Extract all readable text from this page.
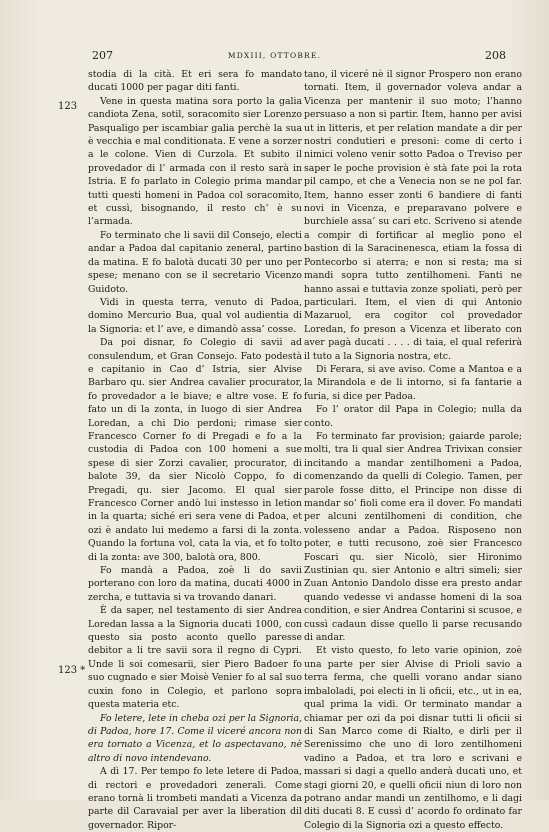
207	MDXIII, OTTOBRE.	208
123
123 *

stodia di la cità. Et eri sera fo mandato ducati 1000 per pagar diti fanti.

Vene in questa matina sora porto la galia candiota Zena, sotil, soracomito sier Lorenzo Pasqualigo per iscambiar galia perchè la sua è vecchia e mal conditionata. E vene a sorzer a le colone. Vien di Curzola. Et subito il provedador di l’ armada con il resto sarà in Istria. E fo parlato in Colegio prima mandar tutti questi homeni in Padoa col soracomito, et cussì, bisognando, il resto ch’ è su l’armada.

Fo terminato che li savii dil Consejo, electi andar a Padoa dal capitanio zeneral, partino da matina. E fo balotà ducati 30 per uno per spese; menano con se il secretario Vicenzo Guidoto.

Vidi in questa terra, venuto di Padoa, domino Mercurio Bua, qual vol audientia di la Signoria: et l’ ave, e dimandò assa’ cosse.

Da poi disnar, fo Colegio di savii ad consulendum, et Gran Consejo. Fato podestà e capitanio in Cao d’ Istria, sier Alvise Barbaro qu. sier Andrea cavalier procurator, fo provedador a le biave; e altre vose. E fo fato un di la zonta, in luogo di sier Andrea Loredan, a chi Dio perdoni; rimase sier Francesco Corner fo di Pregadi e fo a la custodia di Padoa con 100 homeni a sue spese di sier Zorzi cavalier, procurator, di balote 39, da sier Nicolò Coppo, fo di Pregadi, qu. sier Jacomo. El qual sier Francesco Corner andò lui instesso in letion in la quarta; siché eri sera vene di Padoa, et ozi è andato lui medemo a farsi di la zonta. Quando la fortuna vol, cata la via, et fo tolto di la zonta: ave 300, balotà ora, 800.

Fo mandà a Padoa, zoè li do savii porterano con loro da matina, ducati 4000 in zercha, e tuttavia si va trovando danari.

È da saper, nel testamento di sier Andrea Loredan lassa a la Signoria ducati 1000, con questo sia posto aconto quello paresse debitor a li tre savii sora il regno di Cypri. Unde li soi comesarii, sier Piero Badoer fo suo cugnado e sier Moisè Venier fo al sal suo cuxin fono in Colegio, et parlono sopra questa materia etc.

Fo letere, lete in cheba ozi per la Signoria, di Padoa, hore 17. Come il viceré ancora non era tornato a Vicenza, et lo aspectavano, nè altro di novo intendevano.

A dì 17. Per tempo fo lete letere di Padoa, di rectori e provedadori zenerali. Come erano tornà li trombeti mandati a Vicenza da parte dil Caravaial per aver la liberation dil governador. Ripor-

tano, il viceré nè il signor Prospero non erano tornati. Item, il governador voleva andar a Vicenza per mantenir il suo moto; l’hanno persuaso a non si partir. Item, hanno per avisi ut in litteris, et per relation mandate a dir per nostri condutieri e presoni: come di certo i nimici voleno venir sotto Padoa o Treviso per saper le poche provision è stà fate poi la rota pil campo, et che a Venecia non se ne pol far. Item, hanno esser zonti 6 bandiere di fanti novi in Vicenza, e preparavano polvere e burchiele assa’ su cari etc. Scriveno si atende a compir di fortificar al meglio pono el bastion di la Saracinenesca, etiam la fossa di Pontecorbo si aterra; e non si resta; ma si mandi sopra tutto zentilhomeni. Fanti ne hanno assai e tuttavia zonze spoliati, però per particulari. Item, el vien di qui Antonio Mazaruol, era cogitor col provedador Loredan, fo preson a Vicenza et liberato con aver pagà ducati . . . . di taia, el qual referirà il tuto a la Signoria nostra, etc.

Di Ferara, si ave aviso. Come a Mantoa e a la Mirandola e de li intorno, si fa fantarie a furia, si dice per Padoa.

Fo l’ orator dil Papa in Colegio; nulla da conto.

Fo terminato far provision; gaiarde parole; molti, tra li qual sier Andrea Trivixan consier incitando a mandar zentilhomeni a Padoa, comenzando da quelli di Colegio. Tamen, per parole fosse ditto, el Principe non disse di mandar so’ fioli come era il dover. Fo mandati per alcuni zentilhomeni di condition, che volesseno andar a Padoa. Risposeno non poter, e tutti recusono, zoè sier Francesco Foscari qu. sier Nicolò, sier Hironimo Zustinian qu. sier Antonio e altri simeli; sier Zuan Antonio Dandolo disse era presto andar quando vedesse vi andasse homeni di la soa condition, e sier Andrea Contarini si scusoe, e cussì cadaun disse quello li parse recusando di andar.

Et visto questo, fo leto varie opinion, zoè una parte per sier Alvise di Prioli savio a terra ferma, che quelli vorano andar siano imbaloladi, poi electi in li oficii, etc., ut in ea, qual prima la vidi. Or terminato mandar a chiamar per ozi da poi disnar tutti li oficii si di San Marco come di Rialto, e dirli per il Serenissimo che uno di loro zentilhomeni vadino a Padoa, et tra loro e scrivani e massari si dagi a quello anderà ducati uno, et stagi giorni 20, e quelli oficii niun di loro non potrano andar mandi un zentilhomo, e li dagi diti ducati 8. E cussì d’ acordo fo ordinato far Colegio di la Signoria ozi a questo effecto.
